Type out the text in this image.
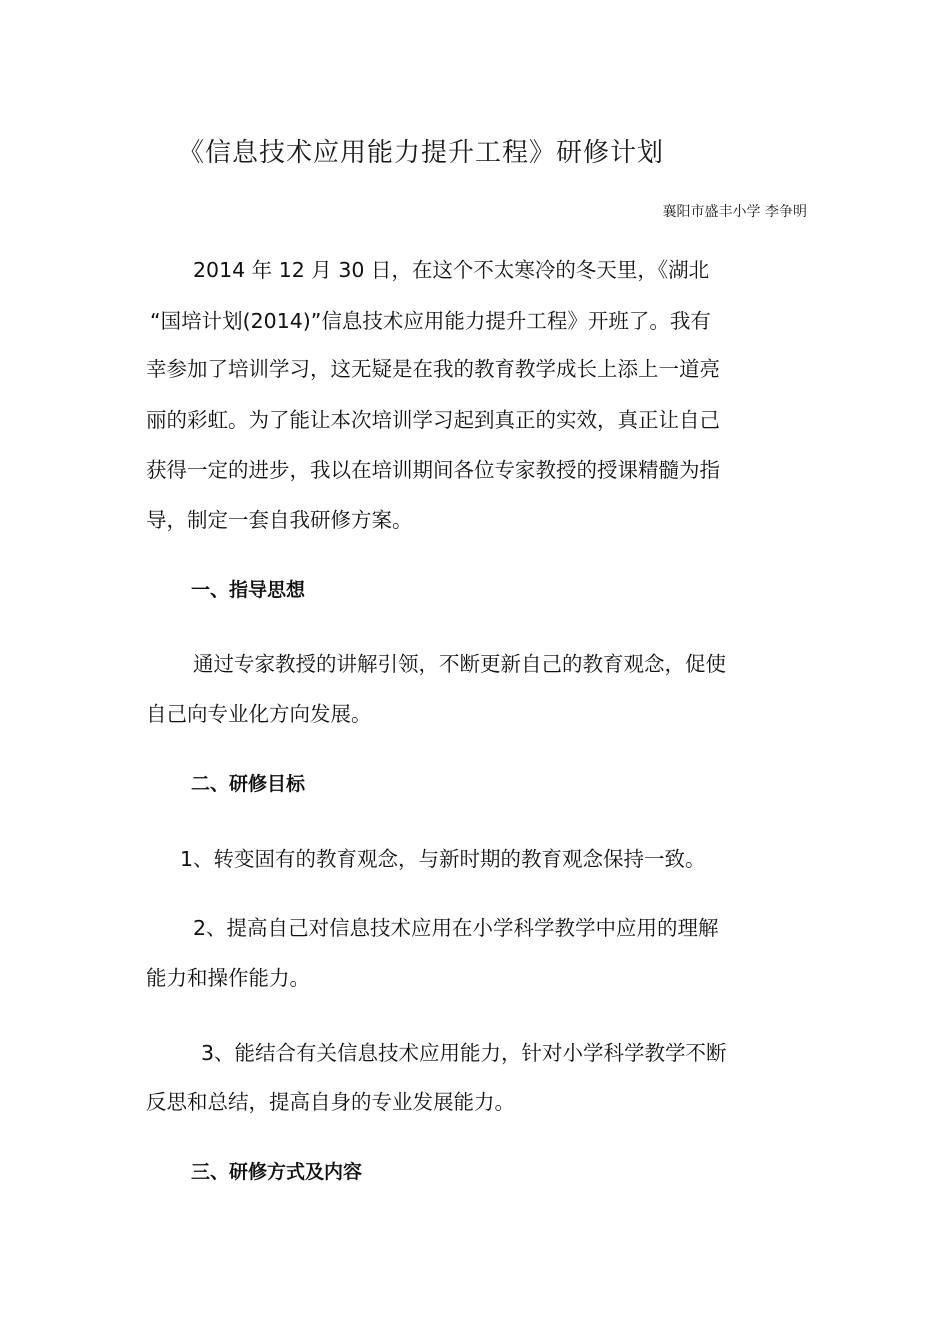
《信息技术应用能力提升工程》研修计划
襄阳市盛丰小学 李争明
2014 年 12 月 30 日，在这个不太寒冷的冬天里，《湖北
“国培计划(2014)”信息技术应用能力提升工程》开班了。我有
幸参加了培训学习，这无疑是在我的教育教学成长上添上一道亮
丽的彩虹。为了能让本次培训学习起到真正的实效，真正让自己
获得一定的进步，我以在培训期间各位专家教授的授课精髓为指
导，制定一套自我研修方案。
一、指导思想
通过专家教授的讲解引领，不断更新自己的教育观念，促使
自己向专业化方向发展。
二、研修目标
1、转变固有的教育观念，与新时期的教育观念保持一致。
2、提高自己对信息技术应用在小学科学教学中应用的理解
能力和操作能力。
3、能结合有关信息技术应用能力，针对小学科学教学不断
反思和总结，提高自身的专业发展能力。
三、研修方式及内容
